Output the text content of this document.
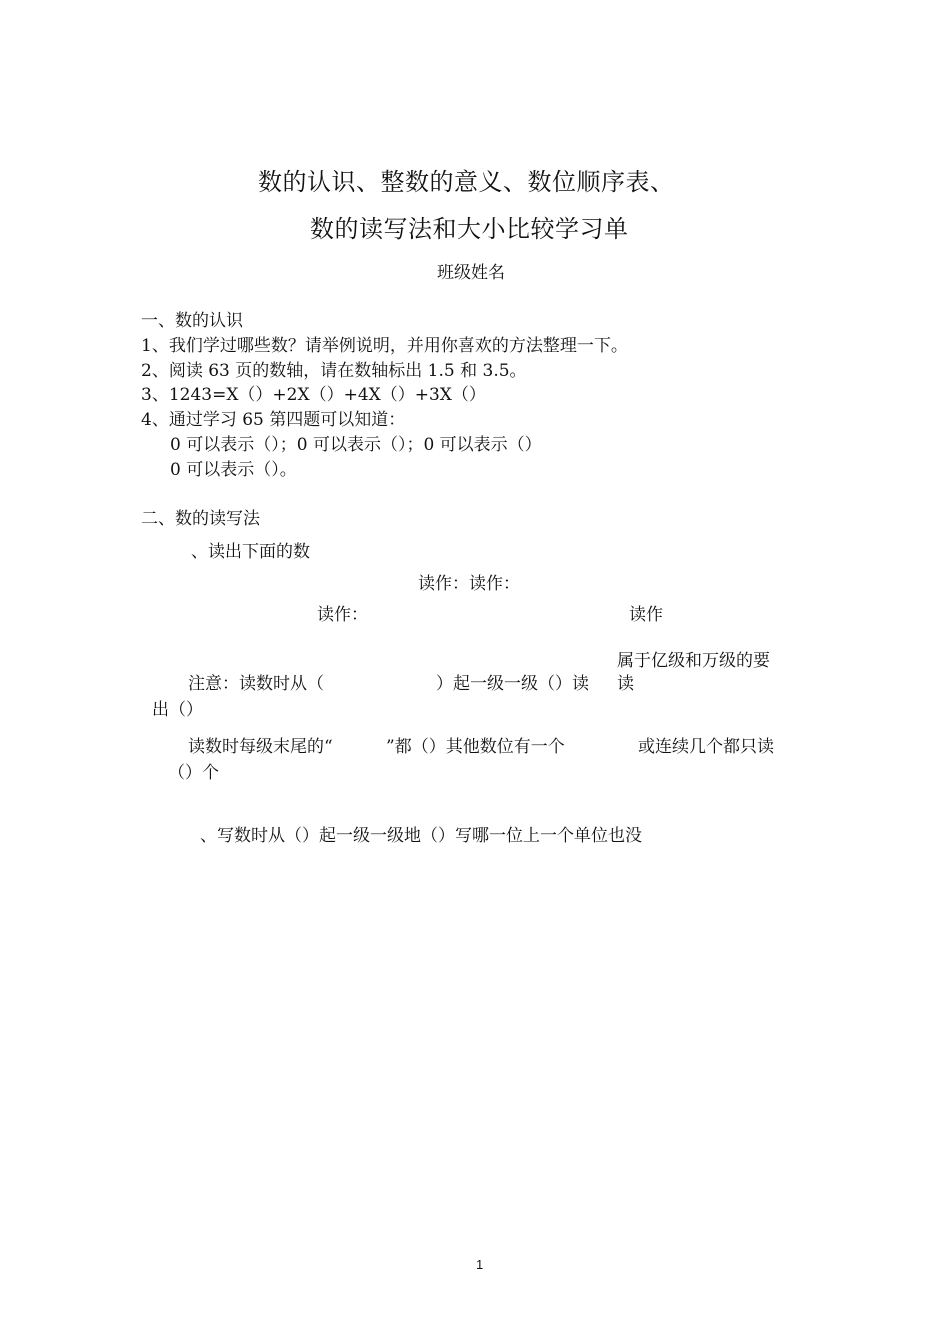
数的认识、整数的意义、数位顺序表、
数的读写法和大小比较学习单
班级姓名
一、数的认识
1、我们学过哪些数？请举例说明，并用你喜欢的方法整理一下。
2、阅读 63 页的数轴，请在数轴标出 1.5 和 3.5。
3、1243=X（）+2X（）+4X（）+3X（）
4、通过学习 65 第四题可以知道：
0 可以表示（）；0 可以表示（）；0 可以表示（）
0 可以表示（）。
二、数的读写法
、读出下面的数
读作：读作：
读作：	读作
属于亿级和万级的要
注意：读数时从（	）起一级一级（）读 读
出（）
读数时每级末尾的“	”都（）其他数位有一个	或连续几个都只读
（）个
、写数时从（）起一级一级地（）写哪一位上一个单位也没
1
